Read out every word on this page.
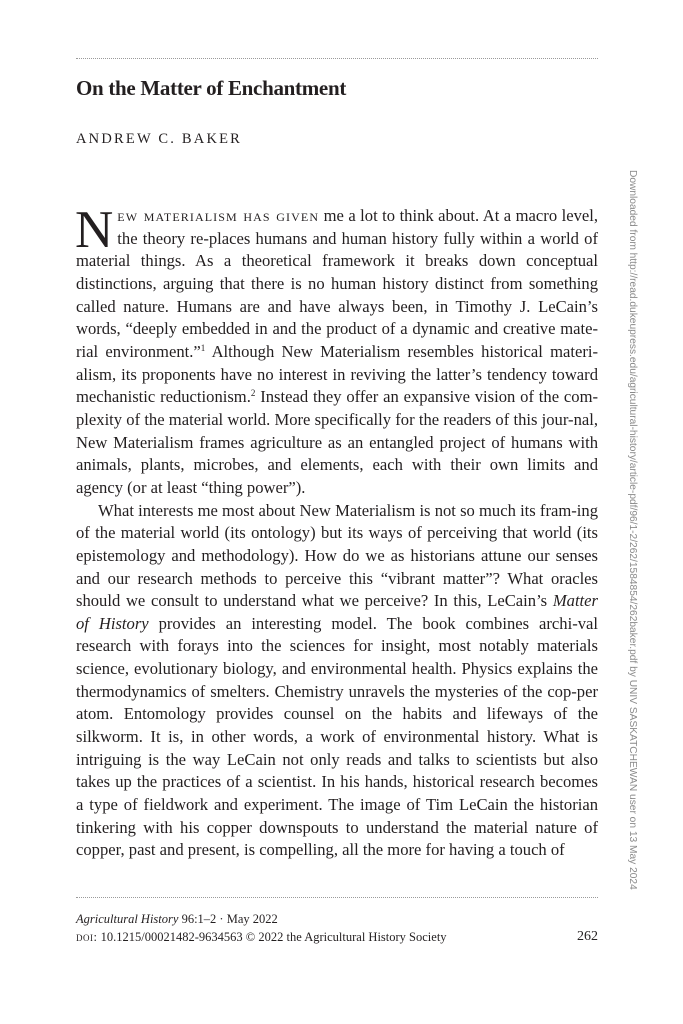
On the Matter of Enchantment
ANDREW C. BAKER

New materialism has given me a lot to think about. At a macro level, the theory re-places humans and human history fully within a world of material things. As a theoretical framework it breaks down conceptual distinctions, arguing that there is no human history distinct from something called nature. Humans are and have always been, in Timothy J. LeCain’s words, “deeply embedded in and the product of a dynamic and creative mate-rial environment.”$^1$ Although New Materialism resembles historical materi-alism, its proponents have no interest in reviving the latter’s tendency toward mechanistic reductionism.$^2$ Instead they offer an expansive vision of the com-plexity of the material world. More specifically for the readers of this jour-nal, New Materialism frames agriculture as an entangled project of humans with animals, plants, microbes, and elements, each with their own limits and agency (or at least “thing power”).

What interests me most about New Materialism is not so much its fram-ing of the material world (its ontology) but its ways of perceiving that world (its epistemology and methodology). How do we as historians attune our senses and our research methods to perceive this “vibrant matter”? What oracles should we consult to understand what we perceive? In this, LeCain’s Matter of History provides an interesting model. The book combines archi-val research with forays into the sciences for insight, most notably materials science, evolutionary biology, and environmental health. Physics explains the thermodynamics of smelters. Chemistry unravels the mysteries of the cop-per atom. Entomology provides counsel on the habits and lifeways of the silkworm. It is, in other words, a work of environmental history. What is intriguing is the way LeCain not only reads and talks to scientists but also takes up the practices of a scientist. In his hands, historical research becomes a type of fieldwork and experiment. The image of Tim LeCain the historian tinkering with his copper downspouts to understand the material nature of copper, past and present, is compelling, all the more for having a touch of

Agricultural History 96:1–2 · May 2022
doi: 10.1215/00021482-9634563 © 2022 the Agricultural History Society	262
Downloaded from http://read.dukeupress.edu/agricultural-history/article-pdf/96/1-2/262/1584854/262baker.pdf by UNIV SASKATCHEWAN user on 13 May 2024
